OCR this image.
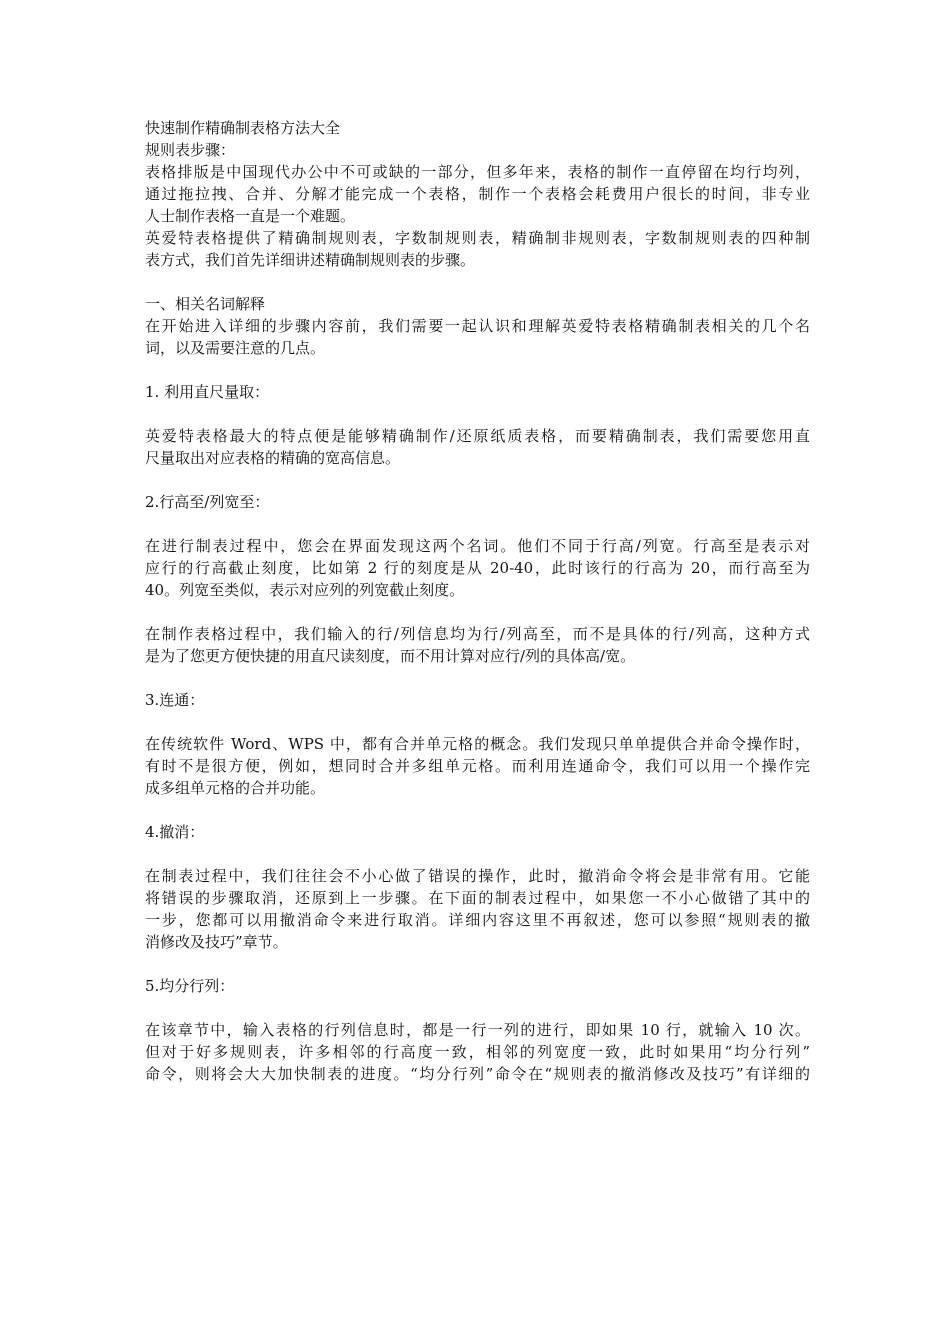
快速制作精确制表格方法大全
规则表步骤：
表格排版是中国现代办公中不可或缺的一部分，但多年来，表格的制作一直停留在均行均列，
通过拖拉拽、合并、分解才能完成一个表格，制作一个表格会耗费用户很长的时间，非专业
人士制作表格一直是一个难题。
英爱特表格提供了精确制规则表，字数制规则表，精确制非规则表，字数制规则表的四种制
表方式，我们首先详细讲述精确制规则表的步骤。
一、相关名词解释
在开始进入详细的步骤内容前，我们需要一起认识和理解英爱特表格精确制表相关的几个名
词，以及需要注意的几点。
1. 利用直尺量取：
英爱特表格最大的特点便是能够精确制作/还原纸质表格，而要精确制表，我们需要您用直
尺量取出对应表格的精确的宽高信息。
2.行高至/列宽至：
在进行制表过程中，您会在界面发现这两个名词。他们不同于行高/列宽。行高至是表示对
应行的行高截止刻度，比如第 2 行的刻度是从 20-40，此时该行的行高为 20，而行高至为
40。列宽至类似，表示对应列的列宽截止刻度。
在制作表格过程中，我们输入的行/列信息均为行/列高至，而不是具体的行/列高，这种方式
是为了您更方便快捷的用直尺读刻度，而不用计算对应行/列的具体高/宽。
3.连通：
在传统软件 Word、WPS 中，都有合并单元格的概念。我们发现只单单提供合并命令操作时，
有时不是很方便，例如，想同时合并多组单元格。而利用连通命令，我们可以用一个操作完
成多组单元格的合并功能。
4.撤消：
在制表过程中，我们往往会不小心做了错误的操作，此时，撤消命令将会是非常有用。它能
将错误的步骤取消，还原到上一步骤。在下面的制表过程中，如果您一不小心做错了其中的
一步，您都可以用撤消命令来进行取消。详细内容这里不再叙述，您可以参照“规则表的撤
消修改及技巧”章节。
5.均分行列：
在该章节中，输入表格的行列信息时，都是一行一列的进行，即如果 10 行，就输入 10 次。
但对于好多规则表，许多相邻的行高度一致，相邻的列宽度一致，此时如果用“均分行列”
命令，则将会大大加快制表的进度。“均分行列”命令在“规则表的撤消修改及技巧”有详细的
